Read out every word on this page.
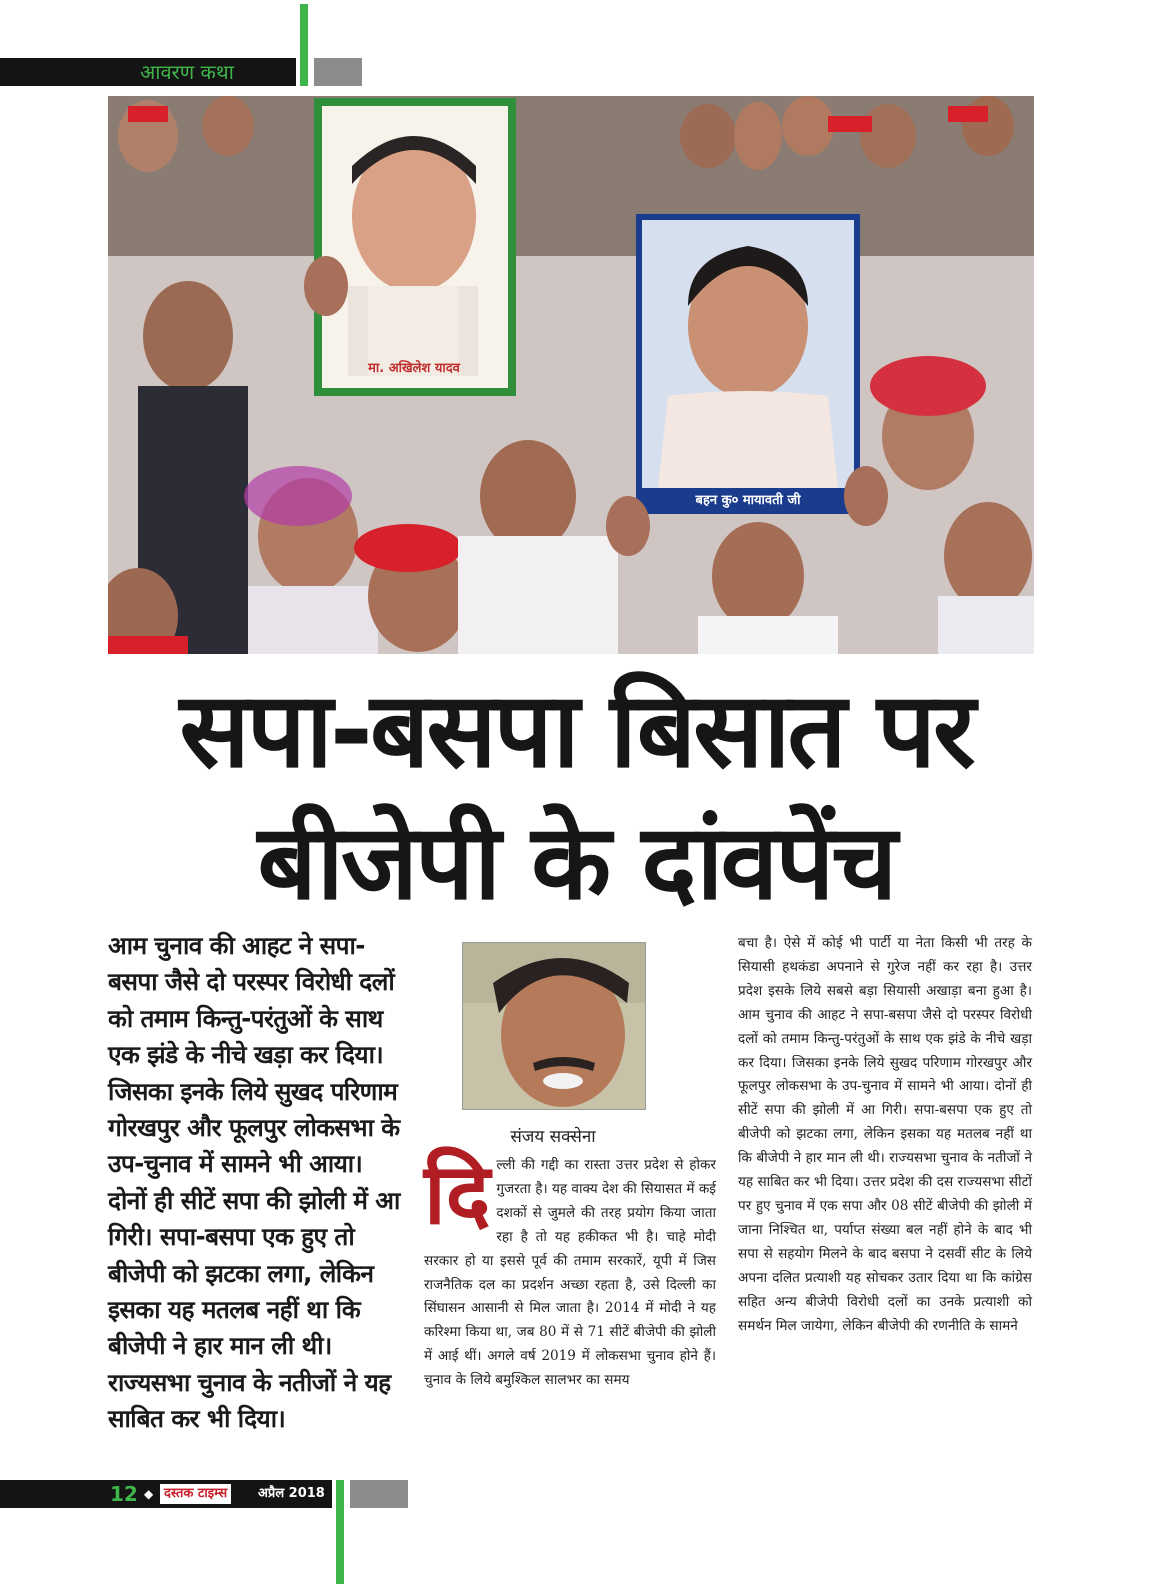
आवरण कथा
मा. अखिलेश यादव
बहन कु० मायावती जी
सपा-बसपा बिसात पर
बीजेपी के दांवपेंच
आम चुनाव की आहट ने सपा-बसपा जैसे दो परस्पर विरोधी दलों को तमाम किन्तु-परंतुओं के साथ एक झंडे के नीचे खड़ा कर दिया। जिसका इनके लिये सुखद परिणाम गोरखपुर और फूलपुर लोकसभा के उप-चुनाव में सामने भी आया। दोनों ही सीटें सपा की झोली में आ गिरी। सपा-बसपा एक हुए तो बीजेपी को झटका लगा, लेकिन इसका यह मतलब नहीं था कि बीजेपी ने हार मान ली थी। राज्यसभा चुनाव के नतीजों ने यह साबित कर भी दिया।
संजय सक्सेना
दि ल्ली की गद्दी का रास्ता उत्तर प्रदेश से होकर गुजरता है। यह वाक्य देश की सियासत में कई दशकों से जुमले की तरह प्रयोग किया जाता रहा है तो यह हकीकत भी है। चाहे मोदी सरकार हो या इससे पूर्व की तमाम सरकारें, यूपी में जिस राजनैतिक दल का प्रदर्शन अच्छा रहता है, उसे दिल्ली का सिंघासन आसानी से मिल जाता है। 2014 में मोदी ने यह करिश्मा किया था, जब 80 में से 71 सीटें बीजेपी की झोली में आई थीं। अगले वर्ष 2019 में लोकसभा चुनाव होने हैं। चुनाव के लिये बमुश्किल सालभर का समय
बचा है। ऐसे में कोई भी पार्टी या नेता किसी भी तरह के सियासी हथकंडा अपनाने से गुरेज नहीं कर रहा है। उत्तर प्रदेश इसके लिये सबसे बड़ा सियासी अखाड़ा बना हुआ है। आम चुनाव की आहट ने सपा-बसपा जैसे दो परस्पर विरोधी दलों को तमाम किन्तु-परंतुओं के साथ एक झंडे के नीचे खड़ा कर दिया। जिसका इनके लिये सुखद परिणाम गोरखपुर और फूलपुर लोकसभा के उप-चुनाव में सामने भी आया। दोनों ही सीटें सपा की झोली में आ गिरी। सपा-बसपा एक हुए तो बीजेपी को झटका लगा, लेकिन इसका यह मतलब नहीं था कि बीजेपी ने हार मान ली थी। राज्यसभा चुनाव के नतीजों ने यह साबित कर भी दिया। उत्तर प्रदेश की दस राज्यसभा सीटों पर हुए चुनाव में एक सपा और 08 सीटें बीजेपी की झोली में जाना निश्चित था, पर्याप्त संख्या बल नहीं होने के बाद भी सपा से सहयोग मिलने के बाद बसपा ने दसवीं सीट के लिये अपना दलित प्रत्याशी यह सोचकर उतार दिया था कि कांग्रेस सहित अन्य बीजेपी विरोधी दलों का उनके प्रत्याशी को समर्थन मिल जायेगा, लेकिन बीजेपी की रणनीति के सामने
12 ◆ दस्तक टाइम्स	अप्रैल 2018
